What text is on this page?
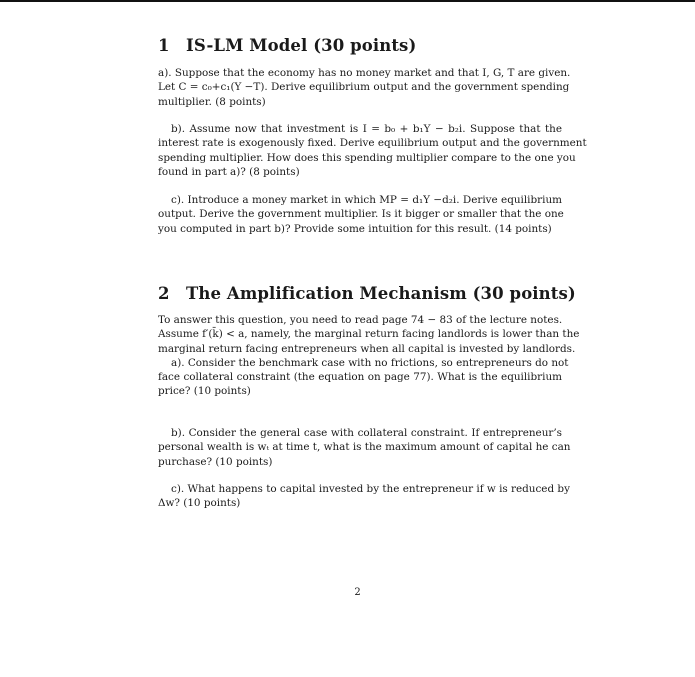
1 IS-LM Model (30 points)
a). Suppose that the economy has no money market and that I, G, T are given.
Let C = c₀+c₁(Y −T). Derive equilibrium output and the government spending
multiplier. (8 points)
b). Assume now that investment is I = b₀ + b₁Y − b₂i. Suppose that the
interest rate is exogenously fixed. Derive equilibrium output and the government
spending multiplier. How does this spending multiplier compare to the one you
found in part a)? (8 points)
c). Introduce a money market in which MP = d₁Y −d₂i. Derive equilibrium
output. Derive the government multiplier. Is it bigger or smaller that the one
you computed in part b)? Provide some intuition for this result. (14 points)
2 The Amplification Mechanism (30 points)
To answer this question, you need to read page 74 − 83 of the lecture notes.
Assume f′(k̄) < a, namely, the marginal return facing landlords is lower than the
marginal return facing entrepreneurs when all capital is invested by landlords.
a). Consider the benchmark case with no frictions, so entrepreneurs do not
face collateral constraint (the equation on page 77). What is the equilibrium
price? (10 points)
b). Consider the general case with collateral constraint. If entrepreneur’s
personal wealth is wₜ at time t, what is the maximum amount of capital he can
purchase? (10 points)
c). What happens to capital invested by the entrepreneur if w is reduced by
Δw? (10 points)

2
